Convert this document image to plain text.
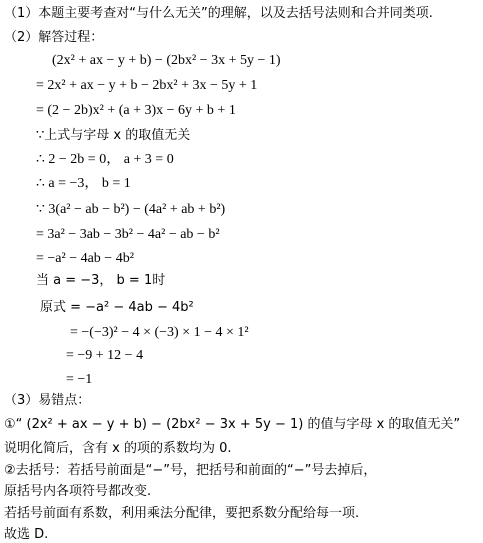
（1）本题主要考查对“与什么无关”的理解，以及去括号法则和合并同类项.
（2）解答过程：
(2x² + ax − y + b) − (2bx² − 3x + 5y − 1)
= 2x² + ax − y + b − 2bx² + 3x − 5y + 1
= (2 − 2b)x² + (a + 3)x − 6y + b + 1
∵上式与字母 x 的取值无关
∴ 2 − 2b = 0， a + 3 = 0
∴ a = −3， b = 1
∵ 3(a² − ab − b²) − (4a² + ab + b²)
= 3a² − 3ab − 3b² − 4a² − ab − b²
= −a² − 4ab − 4b²
当 a = −3， b = 1时
原式 = −a² − 4ab − 4b²
= −(−3)² − 4 × (−3) × 1 − 4 × 1²
= −9 + 12 − 4
= −1
（3）易错点：
①“ (2x² + ax − y + b) − (2bx² − 3x + 5y − 1) 的值与字母 x 的取值无关”
说明化简后，含有 x 的项的系数均为 0.
②去括号：若括号前面是“−”号，把括号和前面的“−”号去掉后，
原括号内各项符号都改变.
若括号前面有系数，利用乘法分配律，要把系数分配给每一项.
故选 D.
